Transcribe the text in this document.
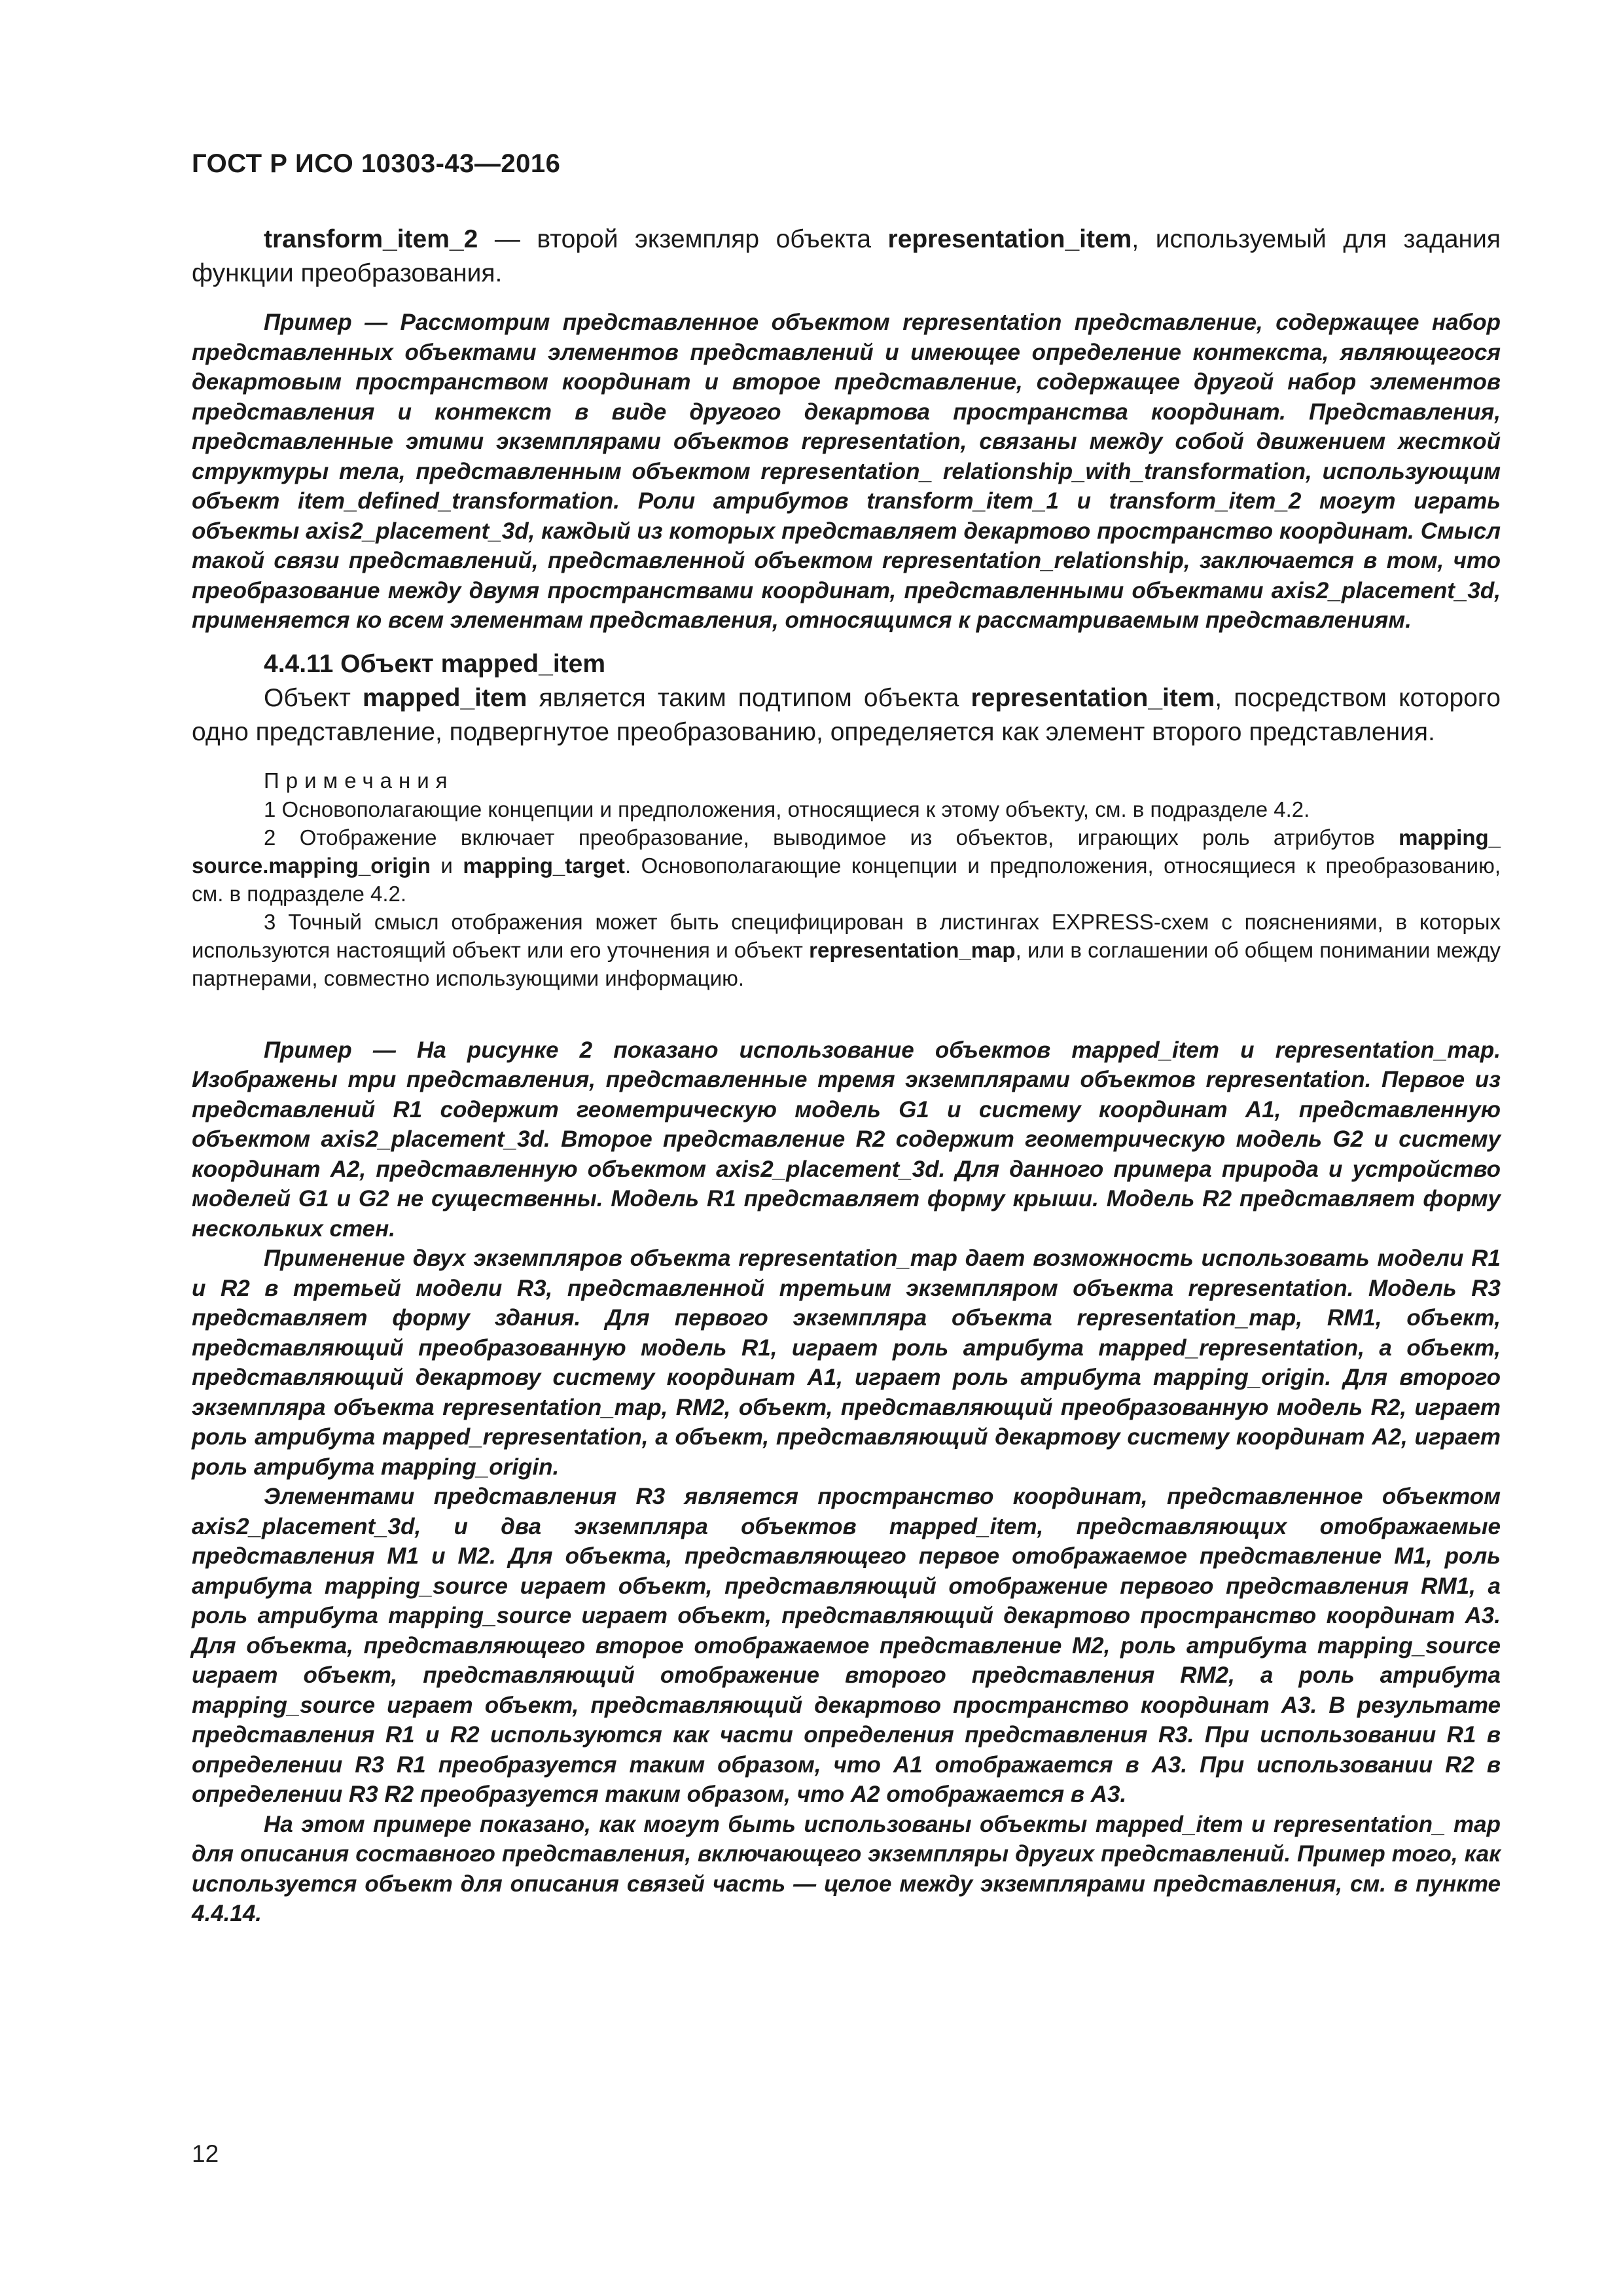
ГОСТ Р ИСО 10303-43—2016

transform_item_2 — второй экземпляр объекта representation_item, используемый для задания функции преобразования.

Пример — Рассмотрим представленное объектом representation представление, содержащее набор представленных объектами элементов представлений и имеющее определение контекста, являющегося декартовым пространством координат и второе представление, содержащее другой набор элементов представления и контекст в виде другого декартова пространства координат. Представления, представленные этими экземплярами объектов representation, связаны между собой движением жесткой структуры тела, представленным объектом representation_ relationship_with_transformation, использующим объект item_defined_transformation. Роли атрибутов transform_item_1 и transform_item_2 могут играть объекты axis2_placement_3d, каждый из которых представляет декартово пространство координат. Смысл такой связи представлений, представленной объектом representation_relationship, заключается в том, что преобразование между двумя пространствами координат, представленными объектами axis2_placement_3d, применяется ко всем элементам представления, относящимся к рассматриваемым представлениям.

4.4.11 Объект mapped_item

Объект mapped_item является таким подтипом объекта representation_item, посредством которого одно представление, подвергнутое преобразованию, определяется как элемент второго представления.

Примечания

1 Основополагающие концепции и предположения, относящиеся к этому объекту, см. в подразделе 4.2.

2 Отображение включает преобразование, выводимое из объектов, играющих роль атрибутов mapping_ source.mapping_origin и mapping_target. Основополагающие концепции и предположения, относящиеся к преобразованию, см. в подразделе 4.2.

3 Точный смысл отображения может быть специфицирован в листингах EXPRESS-схем с пояснениями, в которых используются настоящий объект или его уточнения и объект representation_map, или в соглашении об общем понимании между партнерами, совместно использующими информацию.

Пример — На рисунке 2 показано использование объектов mapped_item и representation_map. Изображены три представления, представленные тремя экземплярами объектов representation. Первое из представлений R1 содержит геометрическую модель G1 и систему координат A1, представленную объектом axis2_placement_3d. Второе представление R2 содержит геометрическую модель G2 и систему координат A2, представленную объектом axis2_placement_3d. Для данного примера природа и устройство моделей G1 и G2 не существенны. Модель R1 представляет форму крыши. Модель R2 представляет форму нескольких стен.

Применение двух экземпляров объекта representation_map дает возможность использовать модели R1 и R2 в третьей модели R3, представленной третьим экземпляром объекта representation. Модель R3 представляет форму здания. Для первого экземпляра объекта representation_map, RM1, объект, представляющий преобразованную модель R1, играет роль атрибута mapped_representation, а объект, представляющий декартову систему координат A1, играет роль атрибута mapping_origin. Для второго экземпляра объекта representation_map, RM2, объект, представляющий преобразованную модель R2, играет роль атрибута mapped_representation, а объект, представляющий декартову систему координат A2, играет роль атрибута mapping_origin.

Элементами представления R3 является пространство координат, представленное объектом axis2_placement_3d, и два экземпляра объектов mapped_item, представляющих отображаемые представления M1 и M2. Для объекта, представляющего первое отображаемое представление M1, роль атрибута mapping_source играет объект, представляющий отображение первого представления RM1, а роль атрибута mapping_source играет объект, представляющий декартово пространство координат A3. Для объекта, представляющего второе отображаемое представление M2, роль атрибута mapping_source играет объект, представляющий отображение второго представления RM2, а роль атрибута mapping_source играет объект, представляющий декартово пространство координат A3. В результате представления R1 и R2 используются как части определения представления R3. При использовании R1 в определении R3 R1 преобразуется таким образом, что A1 отображается в A3. При использовании R2 в определении R3 R2 преобразуется таким образом, что A2 отображается в A3.

На этом примере показано, как могут быть использованы объекты mapped_item и representation_ map для описания составного представления, включающего экземпляры других представлений. Пример того, как используется объект для описания связей часть — целое между экземплярами представления, см. в пункте 4.4.14.

12
